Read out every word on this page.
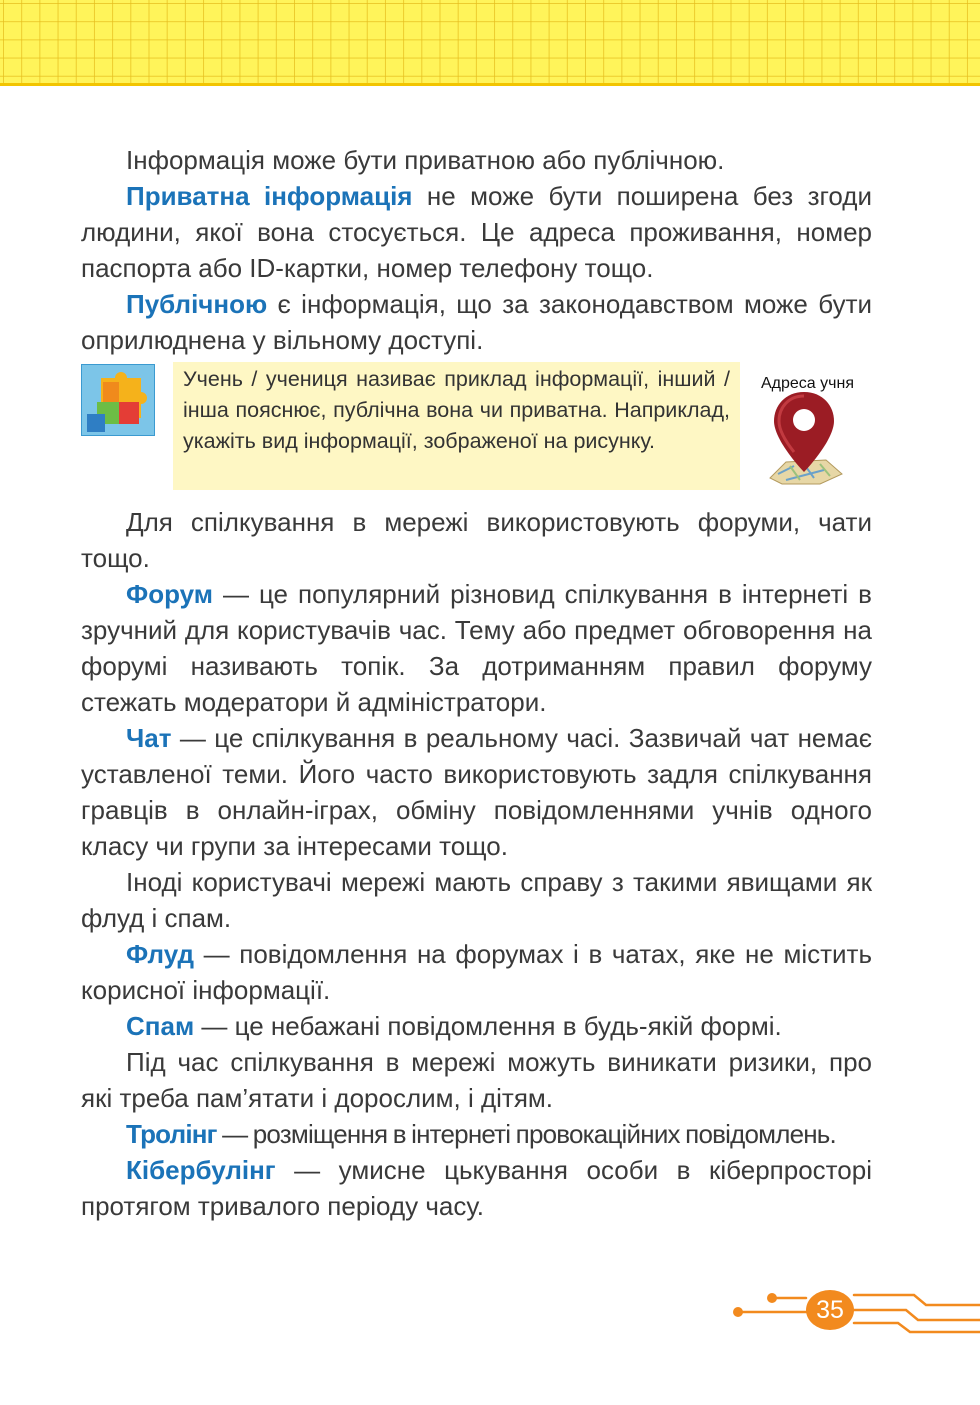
Інформація може бути приватною або публічною.

Приватна інформація не може бути поширена без згоди людини, якої вона стосується. Це адреса проживання, номер паспорта або ID-картки, номер телефону тощо.

Публічною є інформація, що за законодавством може бути оприлюднена у вільному доступі.

Учень / учениця називає приклад інформації, інший / інша пояснює, публічна вона чи приватна. Наприклад, укажіть вид інформації, зображеної на рисунку.
Адреса учня

Для спілкування в мережі використовують форуми, чати тощо.

Форум — це популярний різновид спілкування в інтернеті в зручний для користувачів час. Тему або предмет обговорення на форумі називають топік. За дотриманням правил форуму стежать модератори й адміністратори.

Чат — це спілкування в реальному часі. Зазвичай чат немає уставленої теми. Його часто використовують задля спілкування гравців в онлайн-іграх, обміну повідомленнями учнів одного класу чи групи за інтересами тощо.

Іноді користувачі мережі мають справу з такими явищами як флуд і спам.

Флуд — повідомлення на форумах і в чатах, яке не містить корисної інформації.

Спам — це небажані повідомлення в будь-якій формі.

Під час спілкування в мережі можуть виникати ризики, про які треба пам’ятати і дорослим, і дітям.

Тролінг — розміщення в інтернеті провокаційних повідомлень.

Кібербулінг — умисне цькування особи в кіберпросторі протягом тривалого періоду часу.

35
